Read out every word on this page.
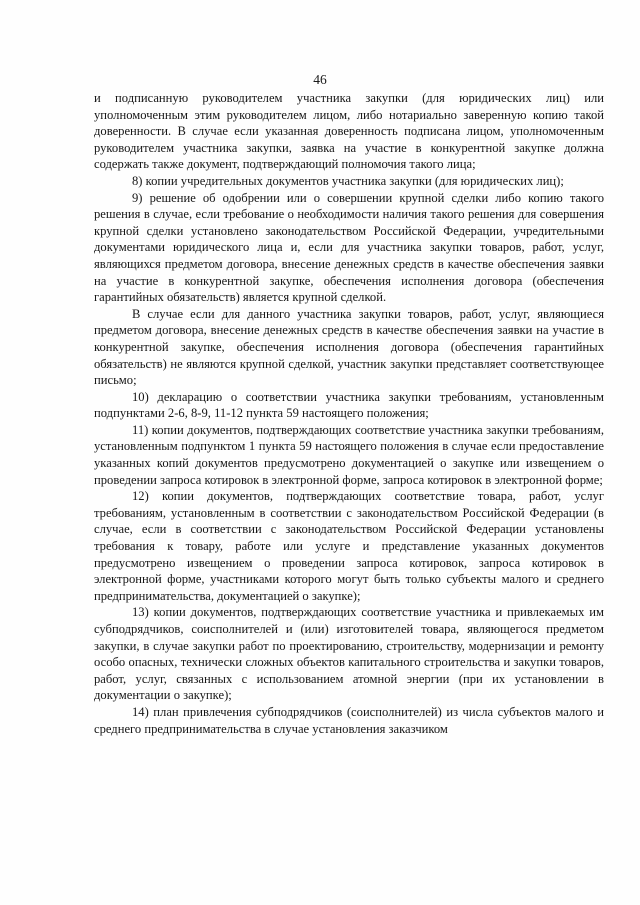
46

и подписанную руководителем участника закупки (для юридических лиц) или уполномоченным этим руководителем лицом, либо нотариально заверенную копию такой доверенности. В случае если указанная доверенность подписана лицом, уполномоченным руководителем участника закупки, заявка на участие в конкурентной закупке должна содержать также документ, подтверждающий полномочия такого лица;

8) копии учредительных документов участника закупки (для юридических лиц);

9) решение об одобрении или о совершении крупной сделки либо копию такого решения в случае, если требование о необходимости наличия такого решения для совершения крупной сделки установлено законодательством Российской Федерации, учредительными документами юридического лица и, если для участника закупки товаров, работ, услуг, являющихся предметом договора, внесение денежных средств в качестве обеспечения заявки на участие в конкурентной закупке, обеспечения исполнения договора (обеспечения гарантийных обязательств) является крупной сделкой.

В случае если для данного участника закупки товаров, работ, услуг, являющиеся предметом договора, внесение денежных средств в качестве обеспечения заявки на участие в конкурентной закупке, обеспечения исполнения договора (обеспечения гарантийных обязательств) не являются крупной сделкой, участник закупки представляет соответствующее письмо;

10) декларацию о соответствии участника закупки требованиям, установленным подпунктами 2-6, 8-9, 11-12 пункта 59 настоящего положения;

11) копии документов, подтверждающих соответствие участника закупки требованиям, установленным подпунктом 1 пункта 59 настоящего положения в случае если предоставление указанных копий документов предусмотрено документацией о закупке или извещением о проведении запроса котировок в электронной форме, запроса котировок в электронной форме;

12) копии документов, подтверждающих соответствие товара, работ, услуг требованиям, установленным в соответствии с законодательством Российской Федерации (в случае, если в соответствии с законодательством Российской Федерации установлены требования к товару, работе или услуге и представление указанных документов предусмотрено извещением о проведении запроса котировок, запроса котировок в электронной форме, участниками которого могут быть только субъекты малого и среднего предпринимательства, документацией о закупке);

13) копии документов, подтверждающих соответствие участника и привлекаемых им субподрядчиков, соисполнителей и (или) изготовителей товара, являющегося предметом закупки, в случае закупки работ по проектированию, строительству, модернизации и ремонту особо опасных, технически сложных объектов капитального строительства и закупки товаров, работ, услуг, связанных с использованием атомной энергии (при их установлении в документации о закупке);

14) план привлечения субподрядчиков (соисполнителей) из числа субъектов малого и среднего предпринимательства в случае установления заказчиком
